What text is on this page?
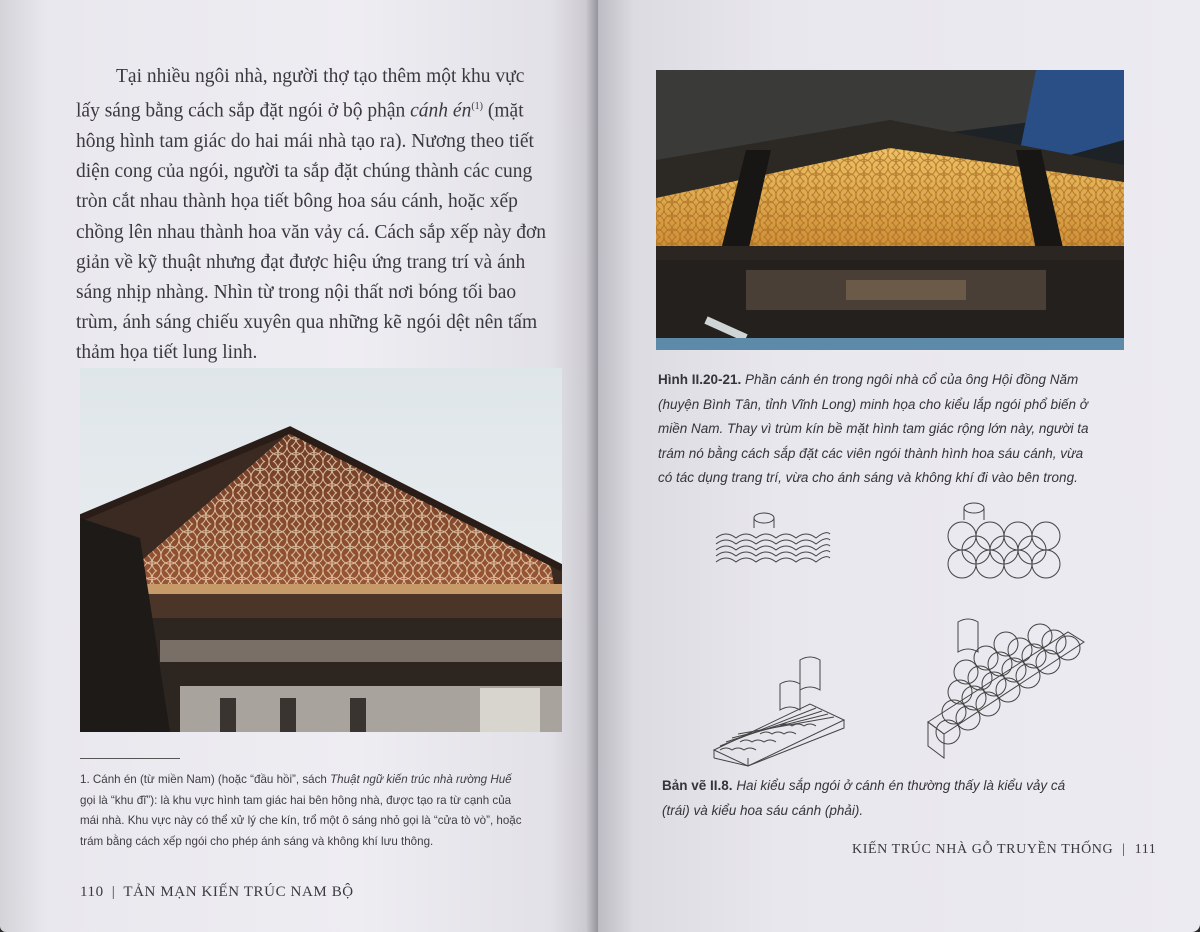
Tại nhiều ngôi nhà, người thợ tạo thêm một khu vực
lấy sáng bằng cách sắp đặt ngói ở bộ phận cánh $én^{(1)}$ (mặt
hông hình tam giác do hai mái nhà tạo ra). Nương theo tiết
diện cong của ngói, người ta sắp đặt chúng thành các cung
tròn cắt nhau thành họa tiết bông hoa sáu cánh, hoặc xếp
chồng lên nhau thành hoa văn vảy cá. Cách sắp xếp này đơn
giản về kỹ thuật nhưng đạt được hiệu ứng trang trí và ánh
sáng nhịp nhàng. Nhìn từ trong nội thất nơi bóng tối bao
trùm, ánh sáng chiếu xuyên qua những kẽ ngói dệt nên tấm
thảm họa tiết lung linh.
1. Cánh én (từ miền Nam) (hoặc “đầu hồi”, sách Thuật ngữ kiến trúc nhà rường Huế
gọi là “khu đĩ”): là khu vực hình tam giác hai bên hông nhà, được tạo ra từ cạnh của
mái nhà. Khu vực này có thể xử lý che kín, trổ một ô sáng nhỏ gọi là “cửa tò vò”, hoặc
trám bằng cách xếp ngói cho phép ánh sáng và không khí lưu thông.
110 | TẢN MẠN KIẾN TRÚC NAM BỘ
Hình II.20-21. Phần cánh én trong ngôi nhà cổ của ông Hội đồng Năm
(huyện Bình Tân, tỉnh Vĩnh Long) minh họa cho kiểu lắp ngói phổ biến ở
miền Nam. Thay vì trùm kín bề mặt hình tam giác rộng lớn này, người ta
trám nó bằng cách sắp đặt các viên ngói thành hình hoa sáu cánh, vừa
có tác dụng trang trí, vừa cho ánh sáng và không khí đi vào bên trong.
Bản vẽ II.8. Hai kiểu sắp ngói ở cánh én thường thấy là kiểu vảy cá
(trái) và kiểu hoa sáu cánh (phải).
KIẾN TRÚC NHÀ GỖ TRUYỀN THỐNG | 111
